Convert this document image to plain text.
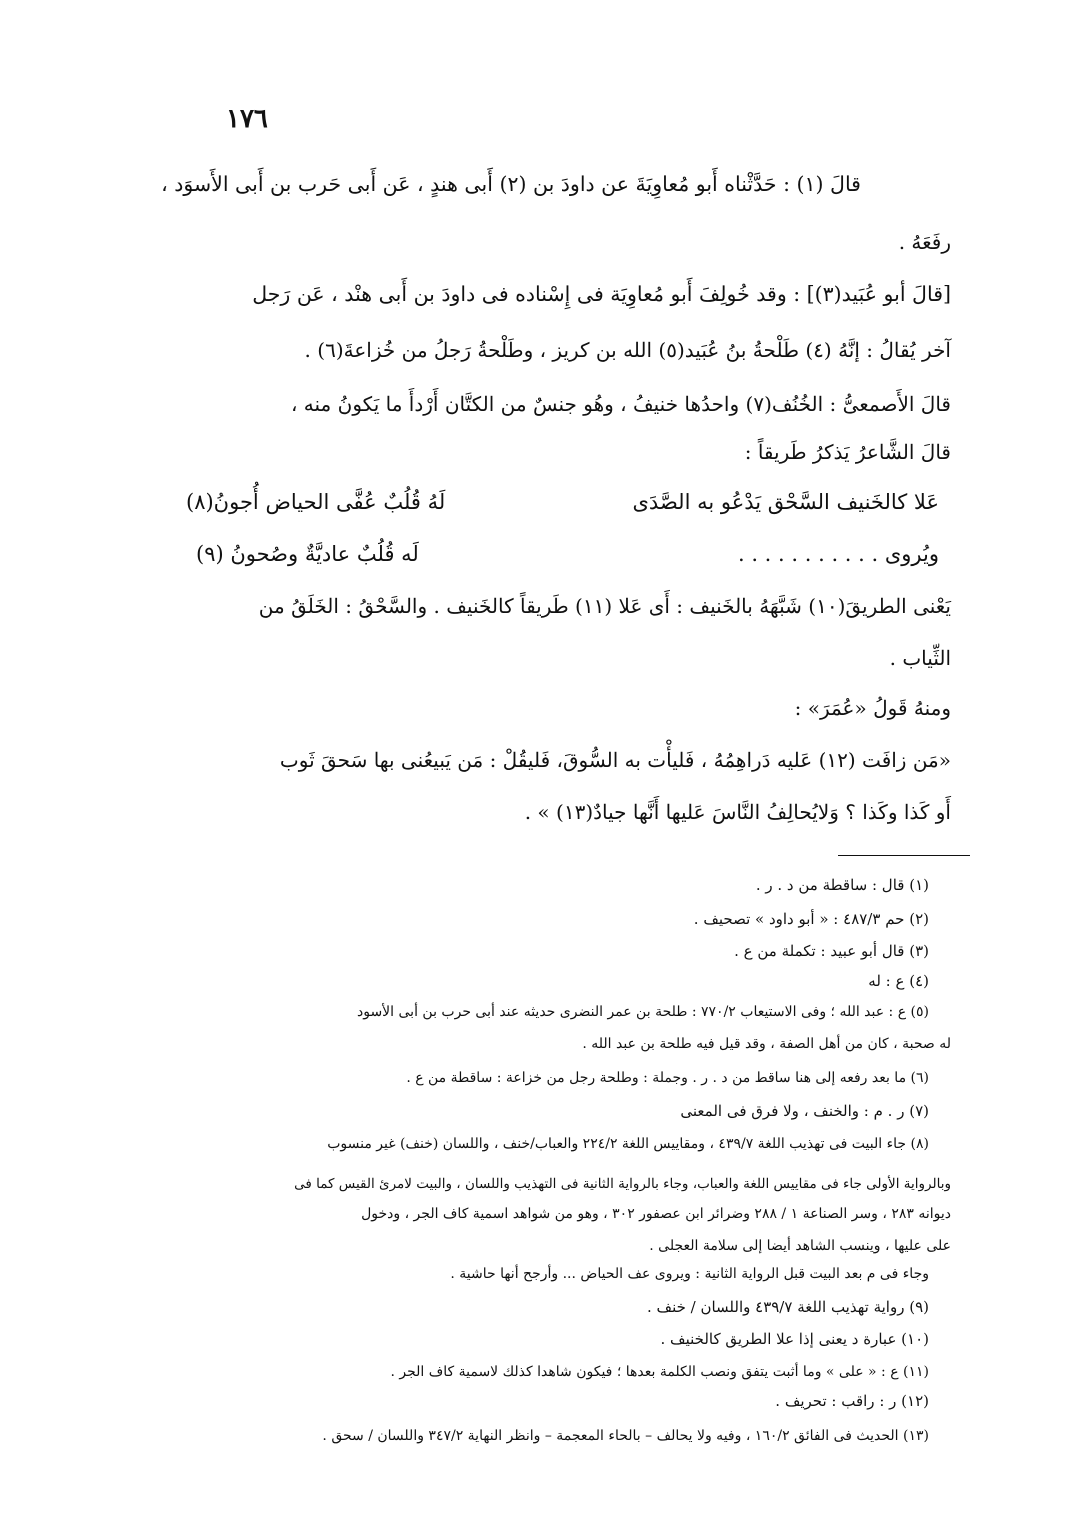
١٧٦
قالَ (١) : حَدَّثْناه أَبو مُعاوِيَةَ عن داودَ بن (٢) أَبى هندٍ ، عَن أَبى حَرب بن أَبى الأَسوَد ،
رفَعَهُ .
[قالَ أبو عُبَيد(٣)] : وقد خُولِفَ أَبو مُعاوِيَة فى إِسْناده فى داودَ بن أَبى هنْد ، عَن رَجل
آخر يُقالُ : إنَّهُ (٤) طَلْحةُ بنُ عُبَيد(٥) الله بن كريز ، وطَلْحةُ رَجلُ من خُزاعةَ(٦) .
قالَ الأَصمعىُّ : الخُنُف(٧) واحدُها خنيفُ ، وهُو جنسٌ من الكتَّان أَرْدأَ ما يَكونُ منه ،
قالَ الشَّاعرُ يَذكرُ طَريقاً :
عَلا كالخَنيف السَّحْق يَدْعُو به الصَّدَى
لَهُ قُلُبٌ عُفَّى الحياض أُجونُ(٨)
ويُروى . . . . . . . . . . .
لَه قُلُبٌ عاديَّةٌ وصُحونُ (٩)
يَعْنى الطريقَ(١٠) شَبَّهَهُ بالخَنيف : أَى عَلا (١١) طَريقاً كالخَنيف . والسَّحْقُ : الخَلَقُ من
الثِّياب .
ومنهُ قَولُ «عُمَرَ» :
«مَن زافَت (١٢) عَليه دَراهِمُهُ ، فَليأْت به السُّوقَ، فَليقُلْ : مَن يَبيعُنى بها سَحقَ ثَوب
أَو كَذا وكَذا ؟ وَلايُحالِفُ النَّاسَ عَليها أَنَّها جيادٌ(١٣) » .
(١) قال : ساقطة من د . ر .
(٢) حم ٤٨٧/٣ : « أبو داود » تصحيف .
(٣) قال أبو عبيد : تكملة من ع .
(٤) ع : له
(٥) ع : عبد الله ؛ وفى الاستيعاب ٧٧٠/٢ : طلحة بن عمر النضرى حديثه عند أبى حرب بن أبى الأسود
له صحبة ، كان من أهل الصفة ، وقد قيل فيه طلحة بن عبد الله .
(٦) ما بعد رفعه إلى هنا ساقط من د . ر . وجملة : وطلحة رجل من خزاعة : ساقطة من ع .
(٧) ر . م : والخنف ، ولا فرق فى المعنى
(٨) جاء البيت فى تهذيب اللغة ٤٣٩/٧ ، ومقاييس اللغة ٢٢٤/٢ والعباب/خنف ، واللسان (خنف) غير منسوب
وبالرواية الأولى جاء فى مقاييس اللغة والعباب، وجاء بالرواية الثانية فى التهذيب واللسان ، والبيت لامرئ القيس كما فى
ديوانه ٢٨٣ ، وسر الصناعة ١ / ٢٨٨ وضرائر ابن عصفور ٣٠٢ ، وهو من شواهد اسمية كاف الجر ، ودخول
على عليها ، وينسب الشاهد أيضا إلى سلامة العجلى .
وجاء فى م بعد البيت قبل الرواية الثانية : ويروى عف الحياض ... وأرجح أنها حاشية .
(٩) رواية تهذيب اللغة ٤٣٩/٧ واللسان / خنف .
(١٠) عبارة د يعنى إذا علا الطريق كالخنيف .
(١١) ع : « على » وما أثبت يتفق ونصب الكلمة بعدها ؛ فيكون شاهدا كذلك لاسمية كاف الجر .
(١٢) ر : راقب : تحريف .
(١٣) الحديث فى الفائق ١٦٠/٢ ، وفيه ولا يحالف – بالحاء المعجمة – وانظر النهاية ٣٤٧/٢ واللسان / سحق .
